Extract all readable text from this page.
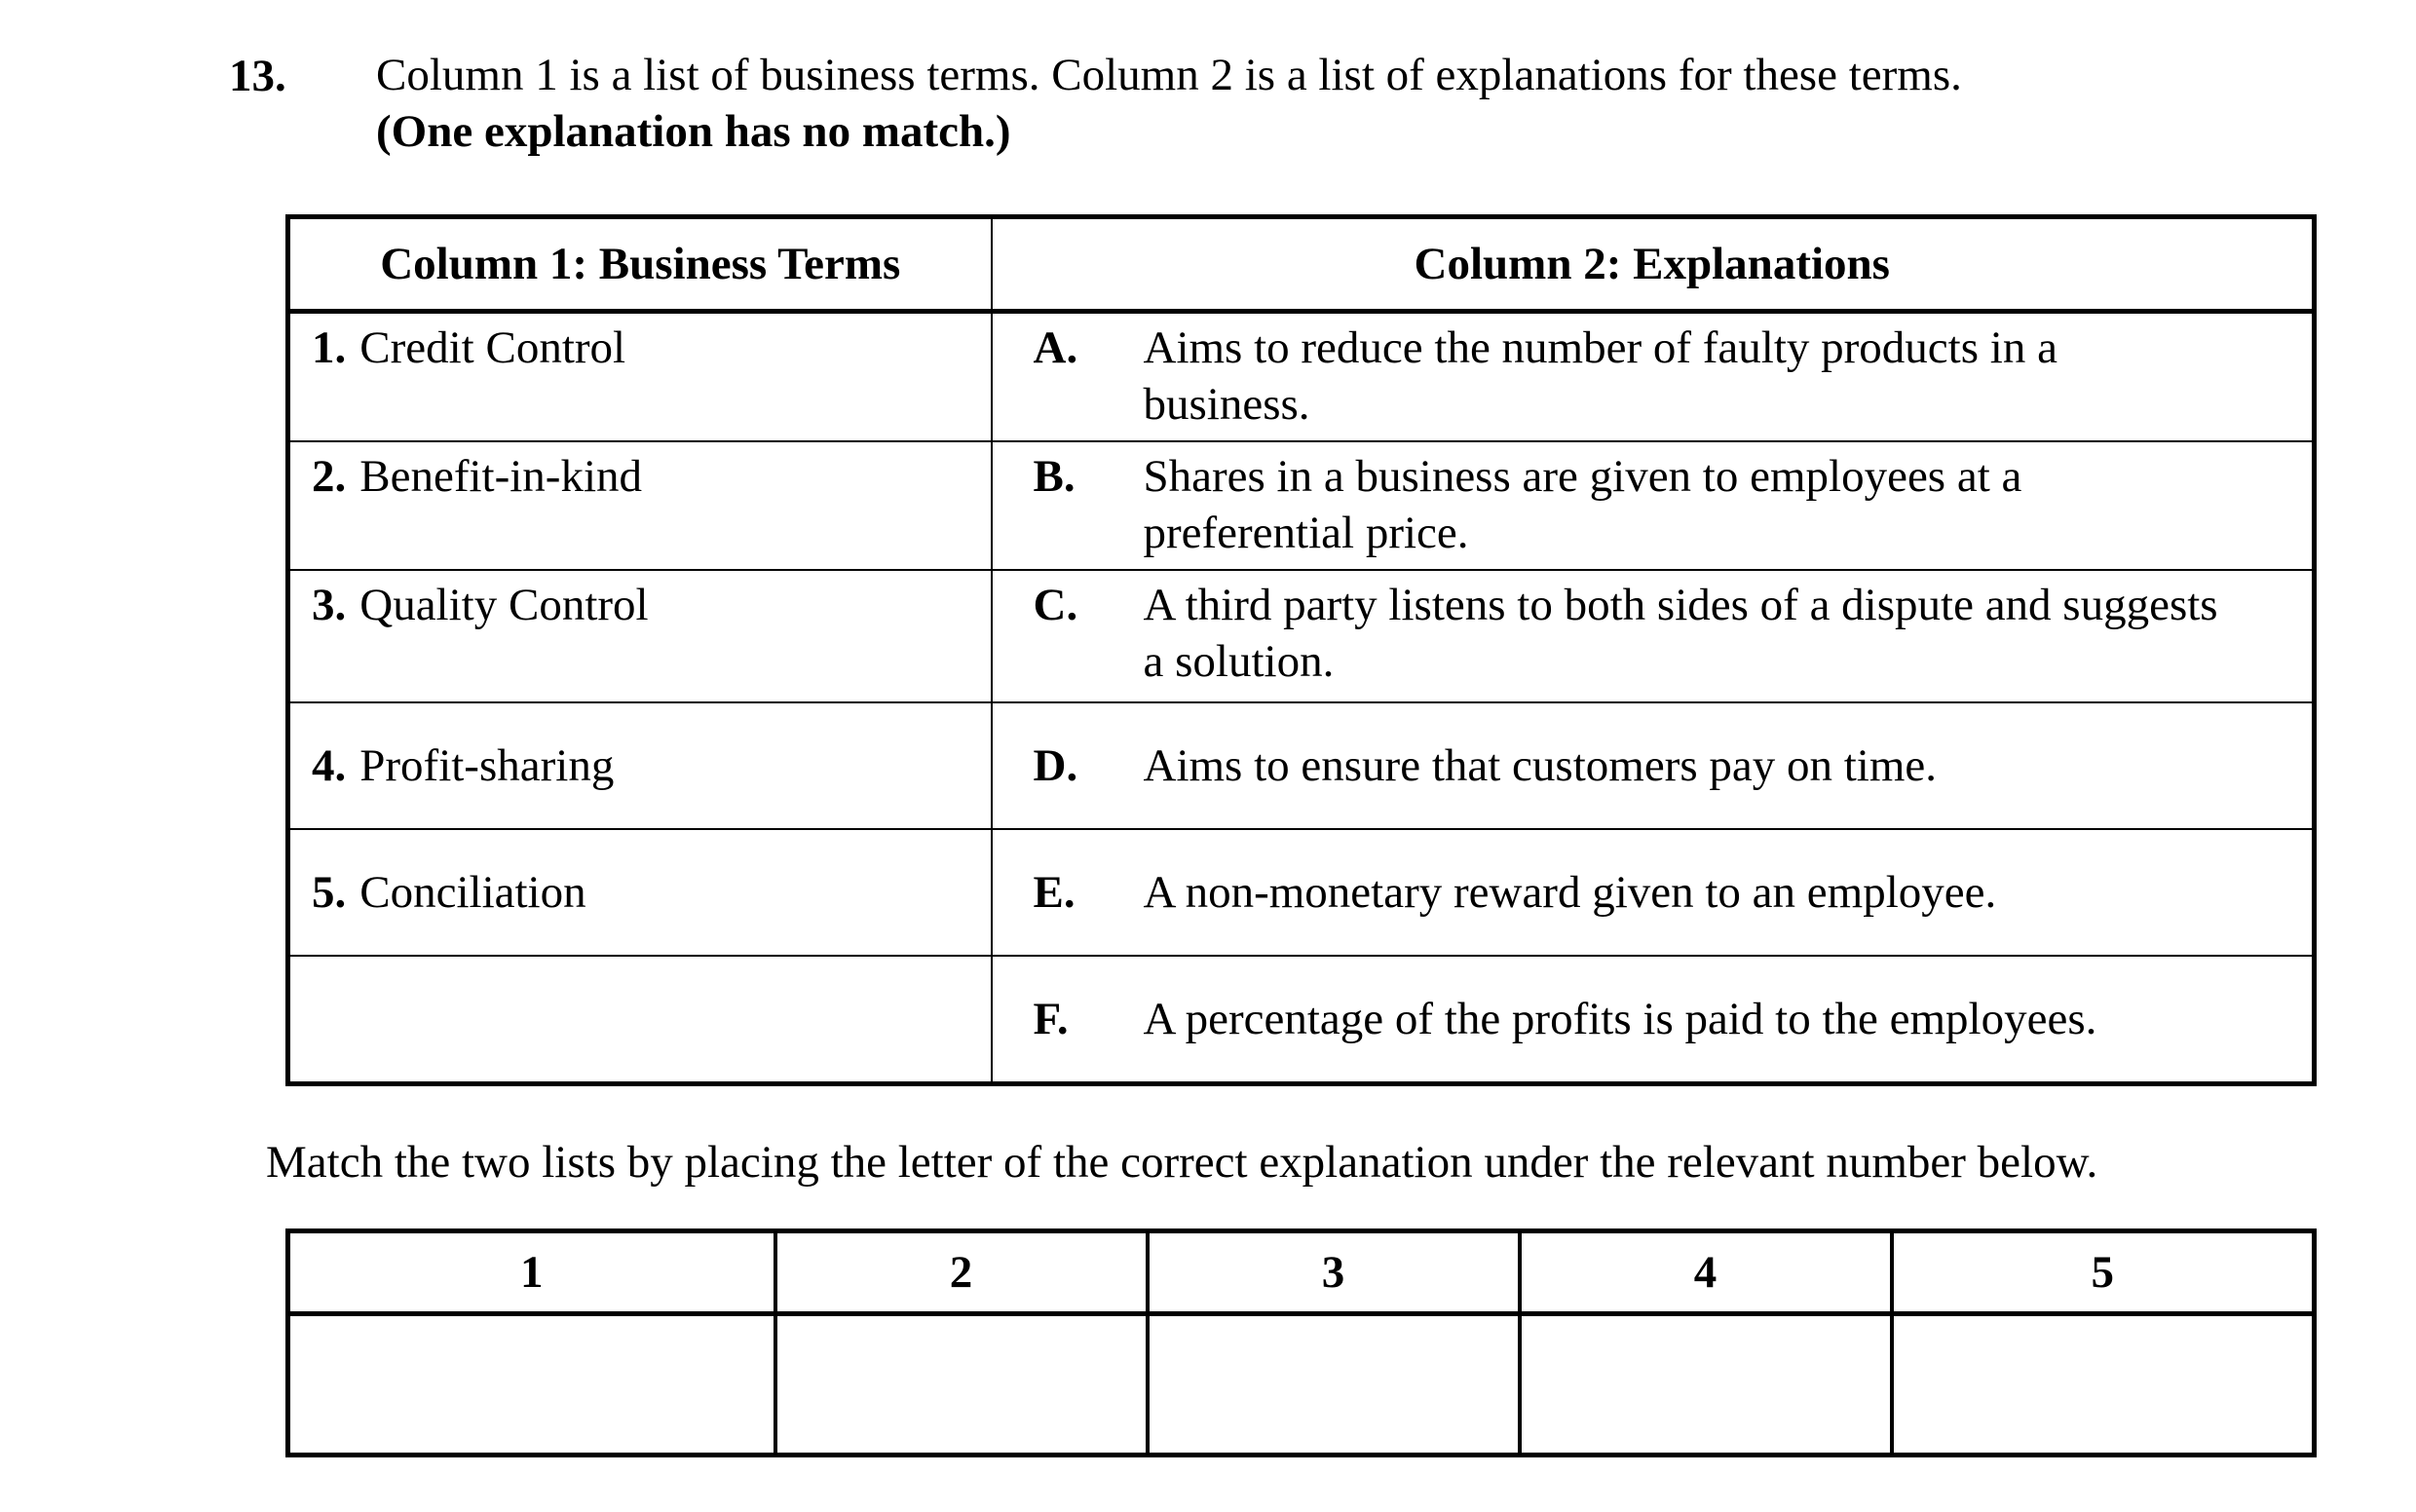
13. Column 1 is a list of business terms. Column 2 is a list of explanations for these terms.
(One explanation has no match.)
Column 1: Business Terms	Column 2: Explanations
1. Credit Control	A. Aims to reduce the number of faulty products in a business.

2. Benefit-in-kind	B. Shares in a business are given to employees at a preferential price.

3. Quality Control	C. A third party listens to both sides of a dispute and suggests a solution.

4. Profit-sharing	D. Aims to ensure that customers pay on time.

5. Conciliation	E. A non-monetary reward given to an employee.

	F. A percentage of the profits is paid to the employees.
Match the two lists by placing the letter of the correct explanation under the relevant number below.
1	2	3	4	5
